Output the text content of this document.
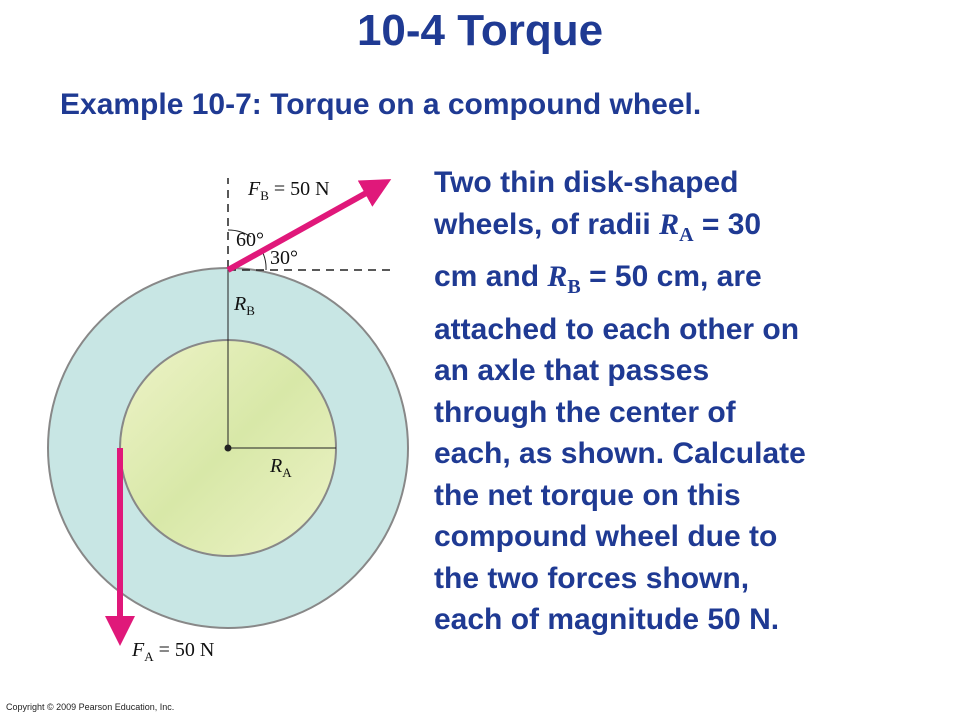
10-4 Torque
Example 10-7: Torque on a compound wheel.
Two thin disk-shaped
wheels, of radii $R_A = 30$
cm and $R_B = 50$ cm, are
attached to each other on
an axle that passes
through the center of
each, as shown. Calculate
the net torque on this
compound wheel due to
the two forces shown,
each of magnitude 50 N.
$F_B = 50$ N
60°
30°
$R_B$
$R_A$
$F_A = 50$ N
Copyright © 2009 Pearson Education, Inc.
